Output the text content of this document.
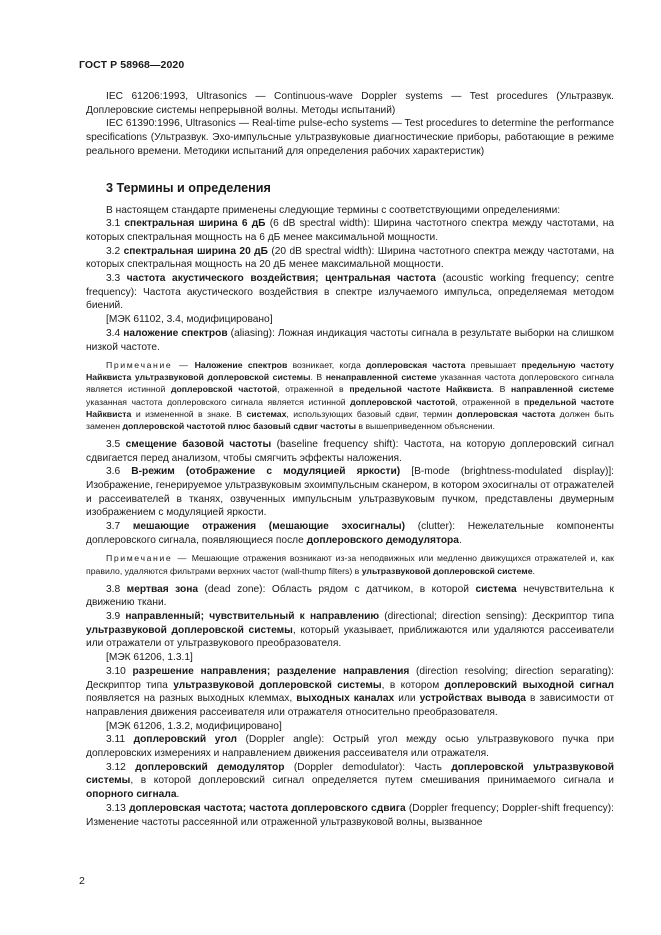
ГОСТ Р 58968—2020

IEC 61206:1993, Ultrasonics — Continuous-wave Doppler systems — Test procedures (Ультразвук. Доплеровские системы непрерывной волны. Методы испытаний)

IEC 61390:1996, Ultrasonics — Real-time pulse-echo systems — Test procedures to determine the performance specifications (Ультразвук. Эхо-импульсные ультразвуковые диагностические приборы, работающие в режиме реального времени. Методики испытаний для определения рабочих характеристик)

3 Термины и определения

В настоящем стандарте применены следующие термины с соответствующими определениями:

3.1 спектральная ширина 6 дБ (6 dB spectral width): Ширина частотного спектра между частотами, на которых спектральная мощность на 6 дБ менее максимальной мощности.

3.2 спектральная ширина 20 дБ (20 dB spectral width): Ширина частотного спектра между частотами, на которых спектральная мощность на 20 дБ менее максимальной мощности.

3.3 частота акустического воздействия; центральная частота (acoustic working frequency; centre frequency): Частота акустического воздействия в спектре излучаемого импульса, определяемая методом биений.

[МЭК 61102, 3.4, модифицировано]

3.4 наложение спектров (aliasing): Ложная индикация частоты сигнала в результате выборки на слишком низкой частоте.

Примечание — Наложение спектров возникает, когда доплеровская частота превышает предельную частоту Найквиста ультразвуковой доплеровской системы. В ненаправленной системе указанная частота доплеровского сигнала является истинной доплеровской частотой, отраженной в предельной частоте Найквиста. В направленной системе указанная частота доплеровского сигнала является истинной доплеровской частотой, отраженной в предельной частоте Найквиста и измененной в знаке. В системах, использующих базовый сдвиг, термин доплеровская частота должен быть заменен доплеровской частотой плюс базовый сдвиг частоты в вышеприведенном объяснении.

3.5 смещение базовой частоты (baseline frequency shift): Частота, на которую доплеровский сигнал сдвигается перед анализом, чтобы смягчить эффекты наложения.

3.6 В-режим (отображение с модуляцией яркости) [B-mode (brightness-modulated display)]: Изображение, генерируемое ультразвуковым эхоимпульсным сканером, в котором эхосигналы от отражателей и рассеивателей в тканях, озвученных импульсным ультразвуковым пучком, представлены двумерным изображением с модуляцией яркости.

3.7 мешающие отражения (мешающие эхосигналы) (clutter): Нежелательные компоненты доплеровского сигнала, появляющиеся после доплеровского демодулятора.

Примечание — Мешающие отражения возникают из-за неподвижных или медленно движущихся отражателей и, как правило, удаляются фильтрами верхних частот (wall-thump filters) в ультразвуковой доплеровской системе.

3.8 мертвая зона (dead zone): Область рядом с датчиком, в которой система нечувствительна к движению ткани.

3.9 направленный; чувствительный к направлению (directional; direction sensing): Дескриптор типа ультразвуковой доплеровской системы, который указывает, приближаются или удаляются рассеиватели или отражатели от ультразвукового преобразователя.

[МЭК 61206, 1.3.1]

3.10 разрешение направления; разделение направления (direction resolving; direction separating): Дескриптор типа ультразвуковой доплеровской системы, в котором доплеровский выходной сигнал появляется на разных выходных клеммах, выходных каналах или устройствах вывода в зависимости от направления движения рассеивателя или отражателя относительно преобразователя.

[МЭК 61206, 1.3.2, модифицировано]

3.11 доплеровский угол (Doppler angle): Острый угол между осью ультразвукового пучка при доплеровских измерениях и направлением движения рассеивателя или отражателя.

3.12 доплеровский демодулятор (Doppler demodulator): Часть доплеровской ультразвуковой системы, в которой доплеровский сигнал определяется путем смешивания принимаемого сигнала и опорного сигнала.

3.13 доплеровская частота; частота доплеровского сдвига (Doppler frequency; Doppler-shift frequency): Изменение частоты рассеянной или отраженной ультразвуковой волны, вызванное

2
